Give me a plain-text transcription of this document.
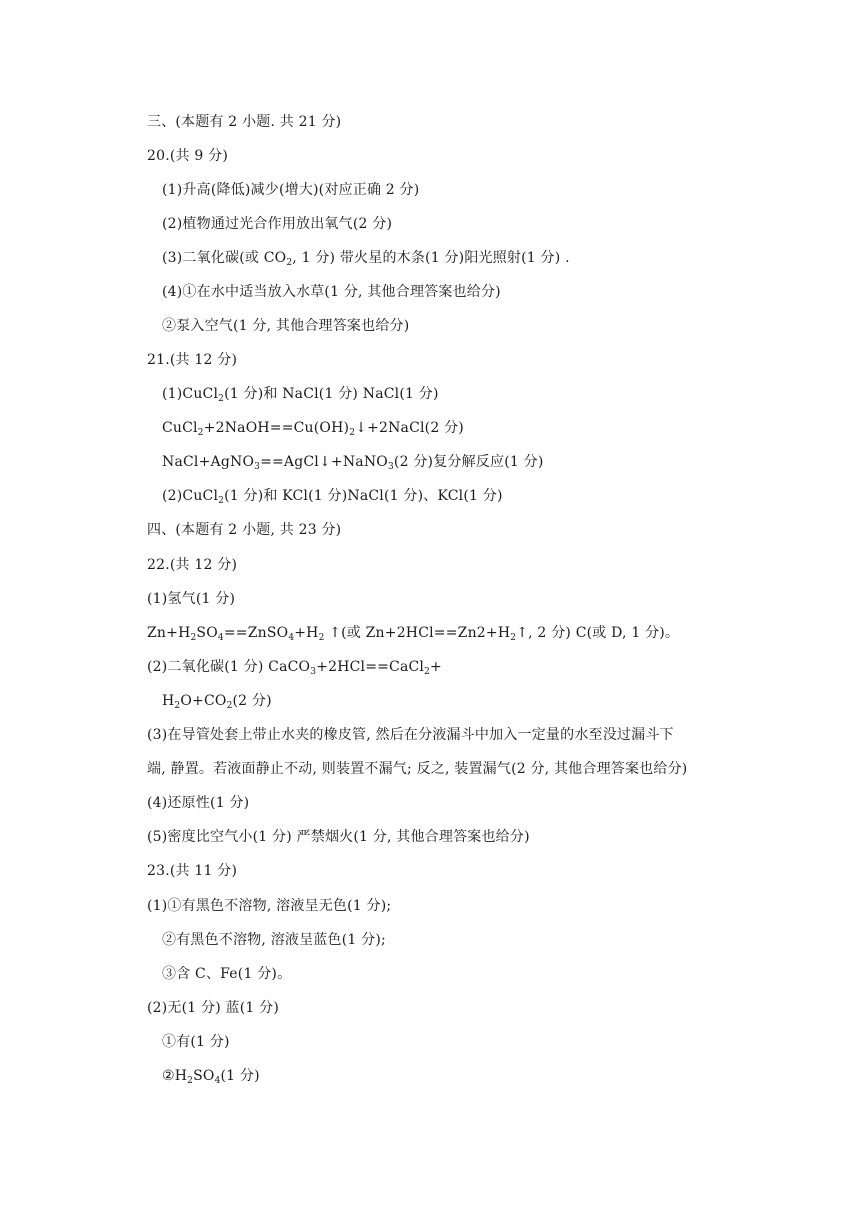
三、(本题有 2 小题. 共 21 分)
20.(共 9 分)
(1)升高(降低)减少(增大)(对应正确 2 分)
(2)植物通过光合作用放出氧气(2 分)
(3)二氧化碳(或 $CO_2$, 1 分) 带火星的木条(1 分)阳光照射(1 分) .
(4)①在水中适当放入水草(1 分, 其他合理答案也给分)
②泵入空气(1 分, 其他合理答案也给分)
21.(共 12 分)
(1)CuCl$_2$(1 分)和 NaCl(1 分) NaCl(1 分)
$CuCl_2+2NaOH==Cu(OH)_2↓+2NaCl(2$ 分)
NaCl+AgNO$_3$==AgCl↓+NaNO$_3$(2 分)复分解反应(1 分)
(2)CuCl$_2$(1 分)和 KCl(1 分)NaCl(1 分)、KCl(1 分)
四、(本题有 2 小题, 共 23 分)
22.(共 12 分)
(1)氢气(1 分)
$Zn+H_2SO_4==ZnSO_4+H_2$ ↑(或 $Zn+2HCl==Zn2+H_2↑$, 2 分) C(或 D, 1 分)。
(2)二氧化碳(1 分) CaCO$_3$+2HCl==CaCl$_2$+
$H_2O+CO_2(2$ 分)
(3)在导管处套上带止水夹的橡皮管, 然后在分液漏斗中加入一定量的水至没过漏斗下
端, 静置。若液面静止不动, 则装置不漏气; 反之, 装置漏气(2 分, 其他合理答案也给分)
(4)还原性(1 分)
(5)密度比空气小(1 分) 严禁烟火(1 分, 其他合理答案也给分)
23.(共 11 分)
(1)①有黑色不溶物, 溶液呈无色(1 分);
②有黑色不溶物, 溶液呈蓝色(1 分);
③含 C、Fe(1 分)。
(2)无(1 分) 蓝(1 分)
①有(1 分)
$②H_2SO_4(1$ 分)
